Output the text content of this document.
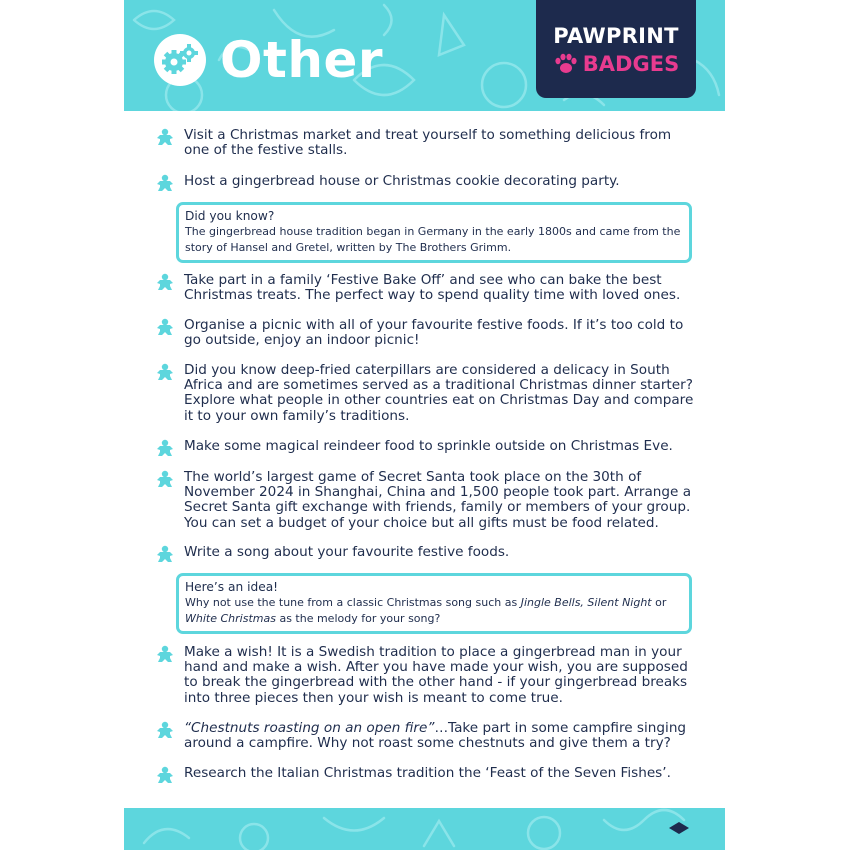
Other	PAWPRINT
BADGES
Visit a Christmas market and treat yourself to something delicious from one of the festive stalls.
Host a gingerbread house or Christmas cookie decorating party.
Did you know?
The gingerbread house tradition began in Germany in the early 1800s and came from the story of Hansel and Gretel, written by The Brothers Grimm.
Take part in a family ‘Festive Bake Off’ and see who can bake the best Christmas treats. The perfect way to spend quality time with loved ones.
Organise a picnic with all of your favourite festive foods. If it’s too cold to go outside, enjoy an indoor picnic!
Did you know deep-fried caterpillars are considered a delicacy in South Africa and are sometimes served as a traditional Christmas dinner starter? Explore what people in other countries eat on Christmas Day and compare it to your own family’s traditions.
Make some magical reindeer food to sprinkle outside on Christmas Eve.
The world’s largest game of Secret Santa took place on the 30th of November 2024 in Shanghai, China and 1,500 people took part. Arrange a Secret Santa gift exchange with friends, family or members of your group. You can set a budget of your choice but all gifts must be food related.
Write a song about your favourite festive foods.
Here’s an idea!
Why not use the tune from a classic Christmas song such as Jingle Bells, Silent Night or White Christmas as the melody for your song?
Make a wish! It is a Swedish tradition to place a gingerbread man in your hand and make a wish. After you have made your wish, you are supposed to break the gingerbread with the other hand - if your gingerbread breaks into three pieces then your wish is meant to come true.
“Chestnuts roasting on an open fire”…Take part in some campfire singing around a campfire. Why not roast some chestnuts and give them a try?
Research the Italian Christmas tradition the ‘Feast of the Seven Fishes’.
